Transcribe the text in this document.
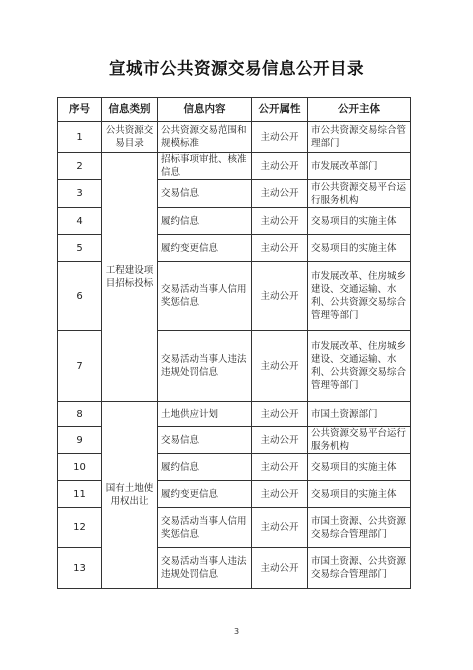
宣城市公共资源交易信息公开目录
序号	信息类别	信息内容	公开属性	公开主体
1	公共资源交易目录	公共资源交易范围和规模标准	主动公开	市公共资源交易综合管理部门
2	工程建设项目招标投标	招标事项审批、核准信息	主动公开	市发展改革部门
3		交易信息	主动公开	市公共资源交易平台运行服务机构
4		履约信息	主动公开	交易项目的实施主体
5		履约变更信息	主动公开	交易项目的实施主体
6		交易活动当事人信用奖惩信息	主动公开	市发展改革、住房城乡建设、交通运输、水利、公共资源交易综合管理等部门
7		交易活动当事人违法违规处罚信息	主动公开	市发展改革、住房城乡建设、交通运输、水利、公共资源交易综合管理等部门
8	国有土地使用权出让	土地供应计划	主动公开	市国土资源部门
9		交易信息	主动公开	公共资源交易平台运行服务机构
10		履约信息	主动公开	交易项目的实施主体
11		履约变更信息	主动公开	交易项目的实施主体
12		交易活动当事人信用奖惩信息	主动公开	市国土资源、公共资源交易综合管理部门
13		交易活动当事人违法违规处罚信息	主动公开	市国土资源、公共资源交易综合管理部门
3
